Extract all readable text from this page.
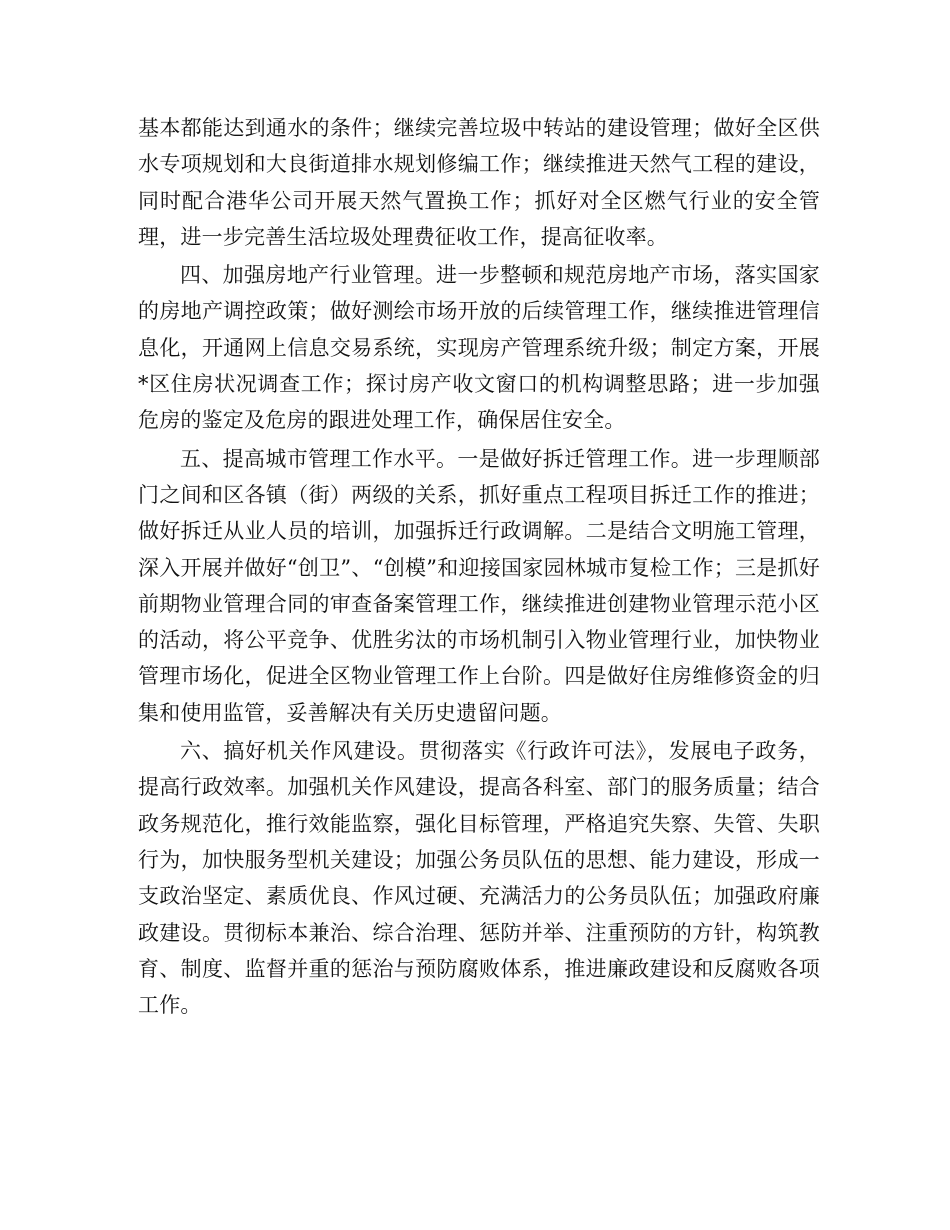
基本都能达到通水的条件；继续完善垃圾中转站的建设管理；做好全区供水专项规划和大良街道排水规划修编工作；继续推进天然气工程的建设，同时配合港华公司开展天然气置换工作；抓好对全区燃气行业的安全管理，进一步完善生活垃圾处理费征收工作，提高征收率。

四、加强房地产行业管理。进一步整顿和规范房地产市场，落实国家的房地产调控政策；做好测绘市场开放的后续管理工作，继续推进管理信息化，开通网上信息交易系统，实现房产管理系统升级；制定方案，开展*区住房状况调查工作；探讨房产收文窗口的机构调整思路；进一步加强危房的鉴定及危房的跟进处理工作，确保居住安全。

五、提高城市管理工作水平。一是做好拆迁管理工作。进一步理顺部门之间和区各镇（街）两级的关系，抓好重点工程项目拆迁工作的推进；做好拆迁从业人员的培训，加强拆迁行政调解。二是结合文明施工管理，深入开展并做好“创卫”、“创模”和迎接国家园林城市复检工作；三是抓好前期物业管理合同的审查备案管理工作，继续推进创建物业管理示范小区的活动，将公平竞争、优胜劣汰的市场机制引入物业管理行业，加快物业管理市场化，促进全区物业管理工作上台阶。四是做好住房维修资金的归集和使用监管，妥善解决有关历史遗留问题。

六、搞好机关作风建设。贯彻落实《行政许可法》，发展电子政务，提高行政效率。加强机关作风建设，提高各科室、部门的服务质量；结合政务规范化，推行效能监察，强化目标管理，严格追究失察、失管、失职行为，加快服务型机关建设；加强公务员队伍的思想、能力建设，形成一支政治坚定、素质优良、作风过硬、充满活力的公务员队伍；加强政府廉政建设。贯彻标本兼治、综合治理、惩防并举、注重预防的方针，构筑教育、制度、监督并重的惩治与预防腐败体系，推进廉政建设和反腐败各项工作。
